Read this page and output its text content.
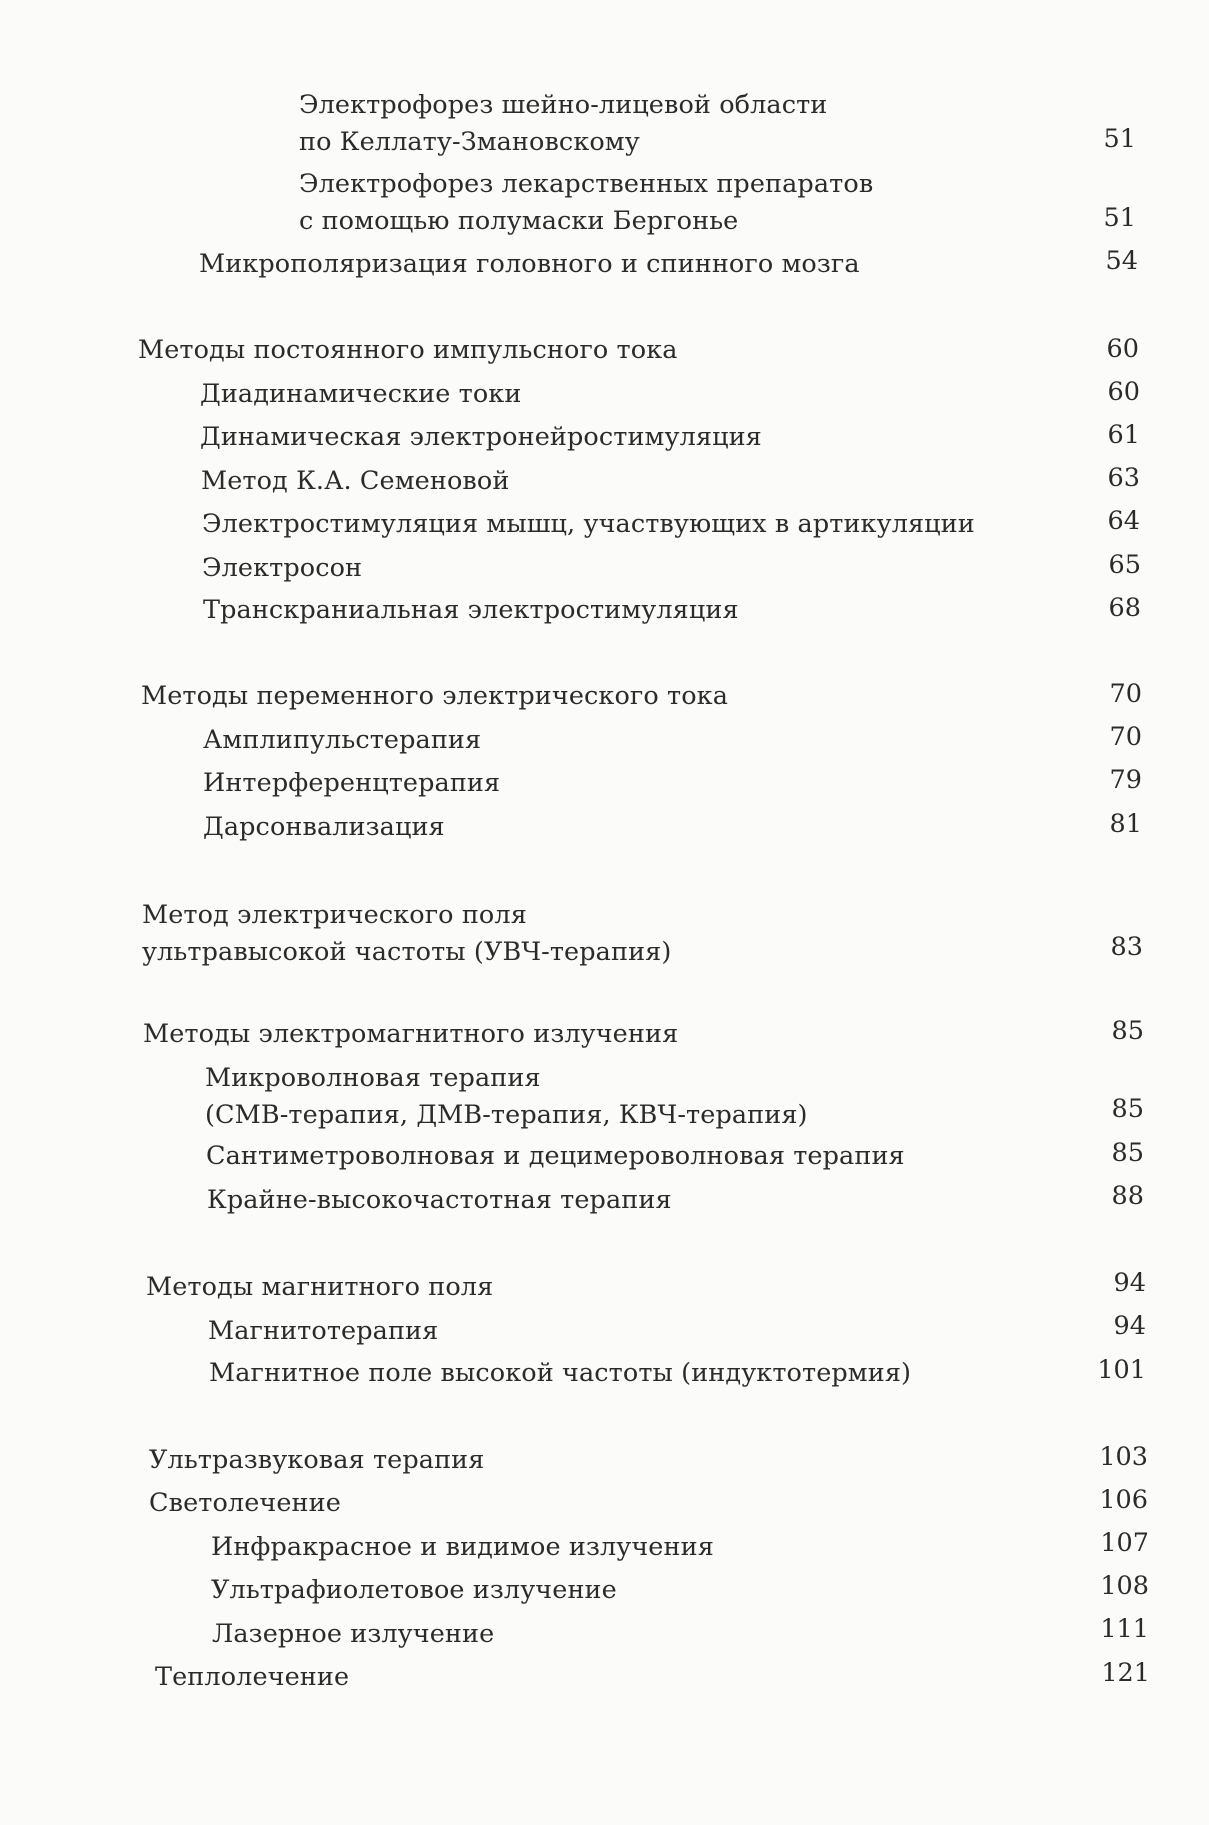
Электрофорез шейно-лицевой области
по Келлату-Змановскому	51
Электрофорез лекарственных препаратов
с помощью полумаски Бергонье	51
Микрополяризация головного и спинного мозга	54
Методы постоянного импульсного тока	60
Диадинамические токи	60
Динамическая электронейростимуляция	61
Метод К.А. Семеновой	63
Электростимуляция мышц, участвующих в артикуляции	64
Электросон	65
Транскраниальная электростимуляция	68
Методы переменного электрического тока	70
Амплипульстерапия	70
Интерференцтерапия	79
Дарсонвализация	81
Метод электрического поля
ультравысокой частоты (УВЧ-терапия)	83
Методы электромагнитного излучения	85
Микроволновая терапия
(СМВ-терапия, ДМВ-терапия, КВЧ-терапия)	85
Сантиметроволновая и децимероволновая терапия	85
Крайне-высокочастотная терапия	88
Методы магнитного поля	94
Магнитотерапия	94
Магнитное поле высокой частоты (индуктотермия)	101
Ультразвуковая терапия	103
Светолечение	106
Инфракрасное и видимое излучения	107
Ультрафиолетовое излучение	108
Лазерное излучение	111
Теплолечение	121
